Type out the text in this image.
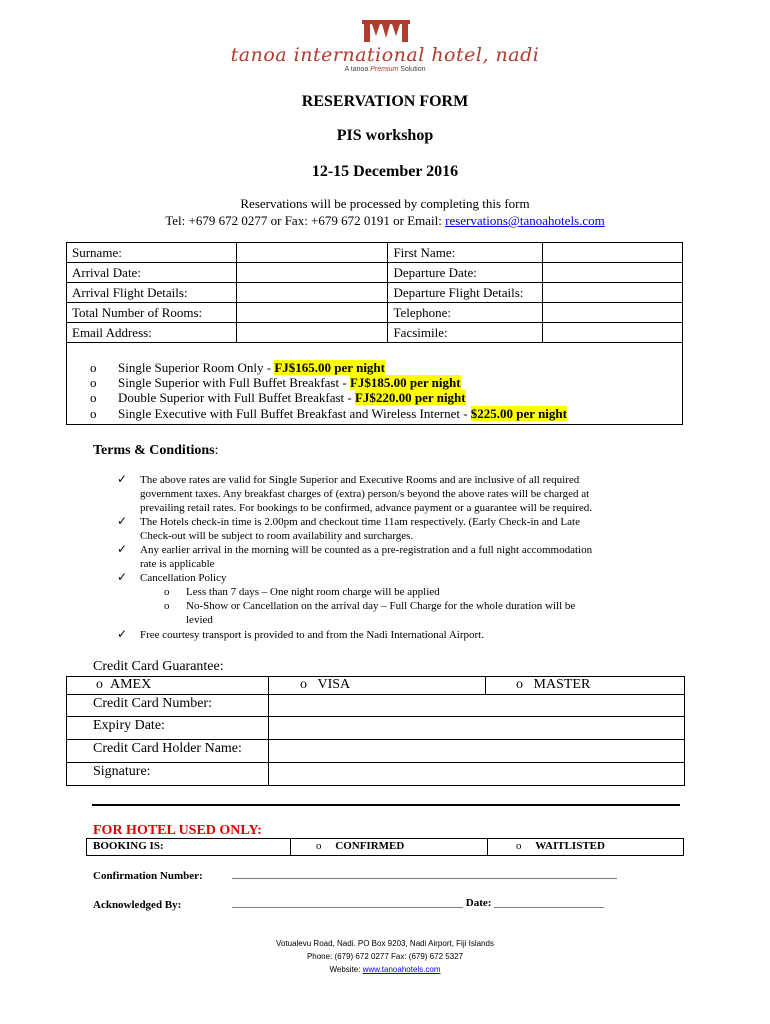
tanoa international hotel, nadi
A tanoa Premium Solution
RESERVATION FORM
PIS workshop
12-15 December 2016
Reservations will be processed by completing this form
Tel: +679 672 0277 or Fax: +679 672 0191 or Email: reservations@tanoahotels.com
Surname:		First Name:	
Arrival Date:		Departure Date:	
Arrival Flight Details:		Departure Flight Details:	
Total Number of Rooms:		Telephone:	
Email Address:		Facsimile:	
o Single Superior Room Only - FJ$165.00 per night
o Single Superior with Full Buffet Breakfast - FJ$185.00 per night
o Double Superior with Full Buffet Breakfast - FJ$220.00 per night
o Single Executive with Full Buffet Breakfast and Wireless Internet - $225.00 per night
Terms & Conditions:
✓ The above rates are valid for Single Superior and Executive Rooms and are inclusive of all required
government taxes. Any breakfast charges of (extra) person/s beyond the above rates will be charged at
prevailing retail rates. For bookings to be confirmed, advance payment or a guarantee will be required.
✓ The Hotels check-in time is 2.00pm and checkout time 11am respectively. (Early Check-in and Late
Check-out will be subject to room availability and surcharges.
✓ Any earlier arrival in the morning will be counted as a pre-registration and a full night accommodation
rate is applicable
✓ Cancellation Policy
o Less than 7 days – One night room charge will be applied
o No-Show or Cancellation on the arrival day – Full Charge for the whole duration will be
levied
✓ Free courtesy transport is provided to and from the Nadi International Airport.
Credit Card Guarantee:
o AMEX	o VISA	o MASTER
Credit Card Number:
Expiry Date:
Credit Card Holder Name:
Signature:
FOR HOTEL USED ONLY:
BOOKING IS:	o CONFIRMED	o WAITLISTED
Confirmation Number:	______________________________________________________________________
Acknowledged By:	__________________________________________ Date: ____________________
Votualevu Road, Nadi. PO Box 9203, Nadi Airport, Fiji Islands
Phone: (679) 672 0277 Fax: (679) 672 5327
Website: www.tanoahotels.com
